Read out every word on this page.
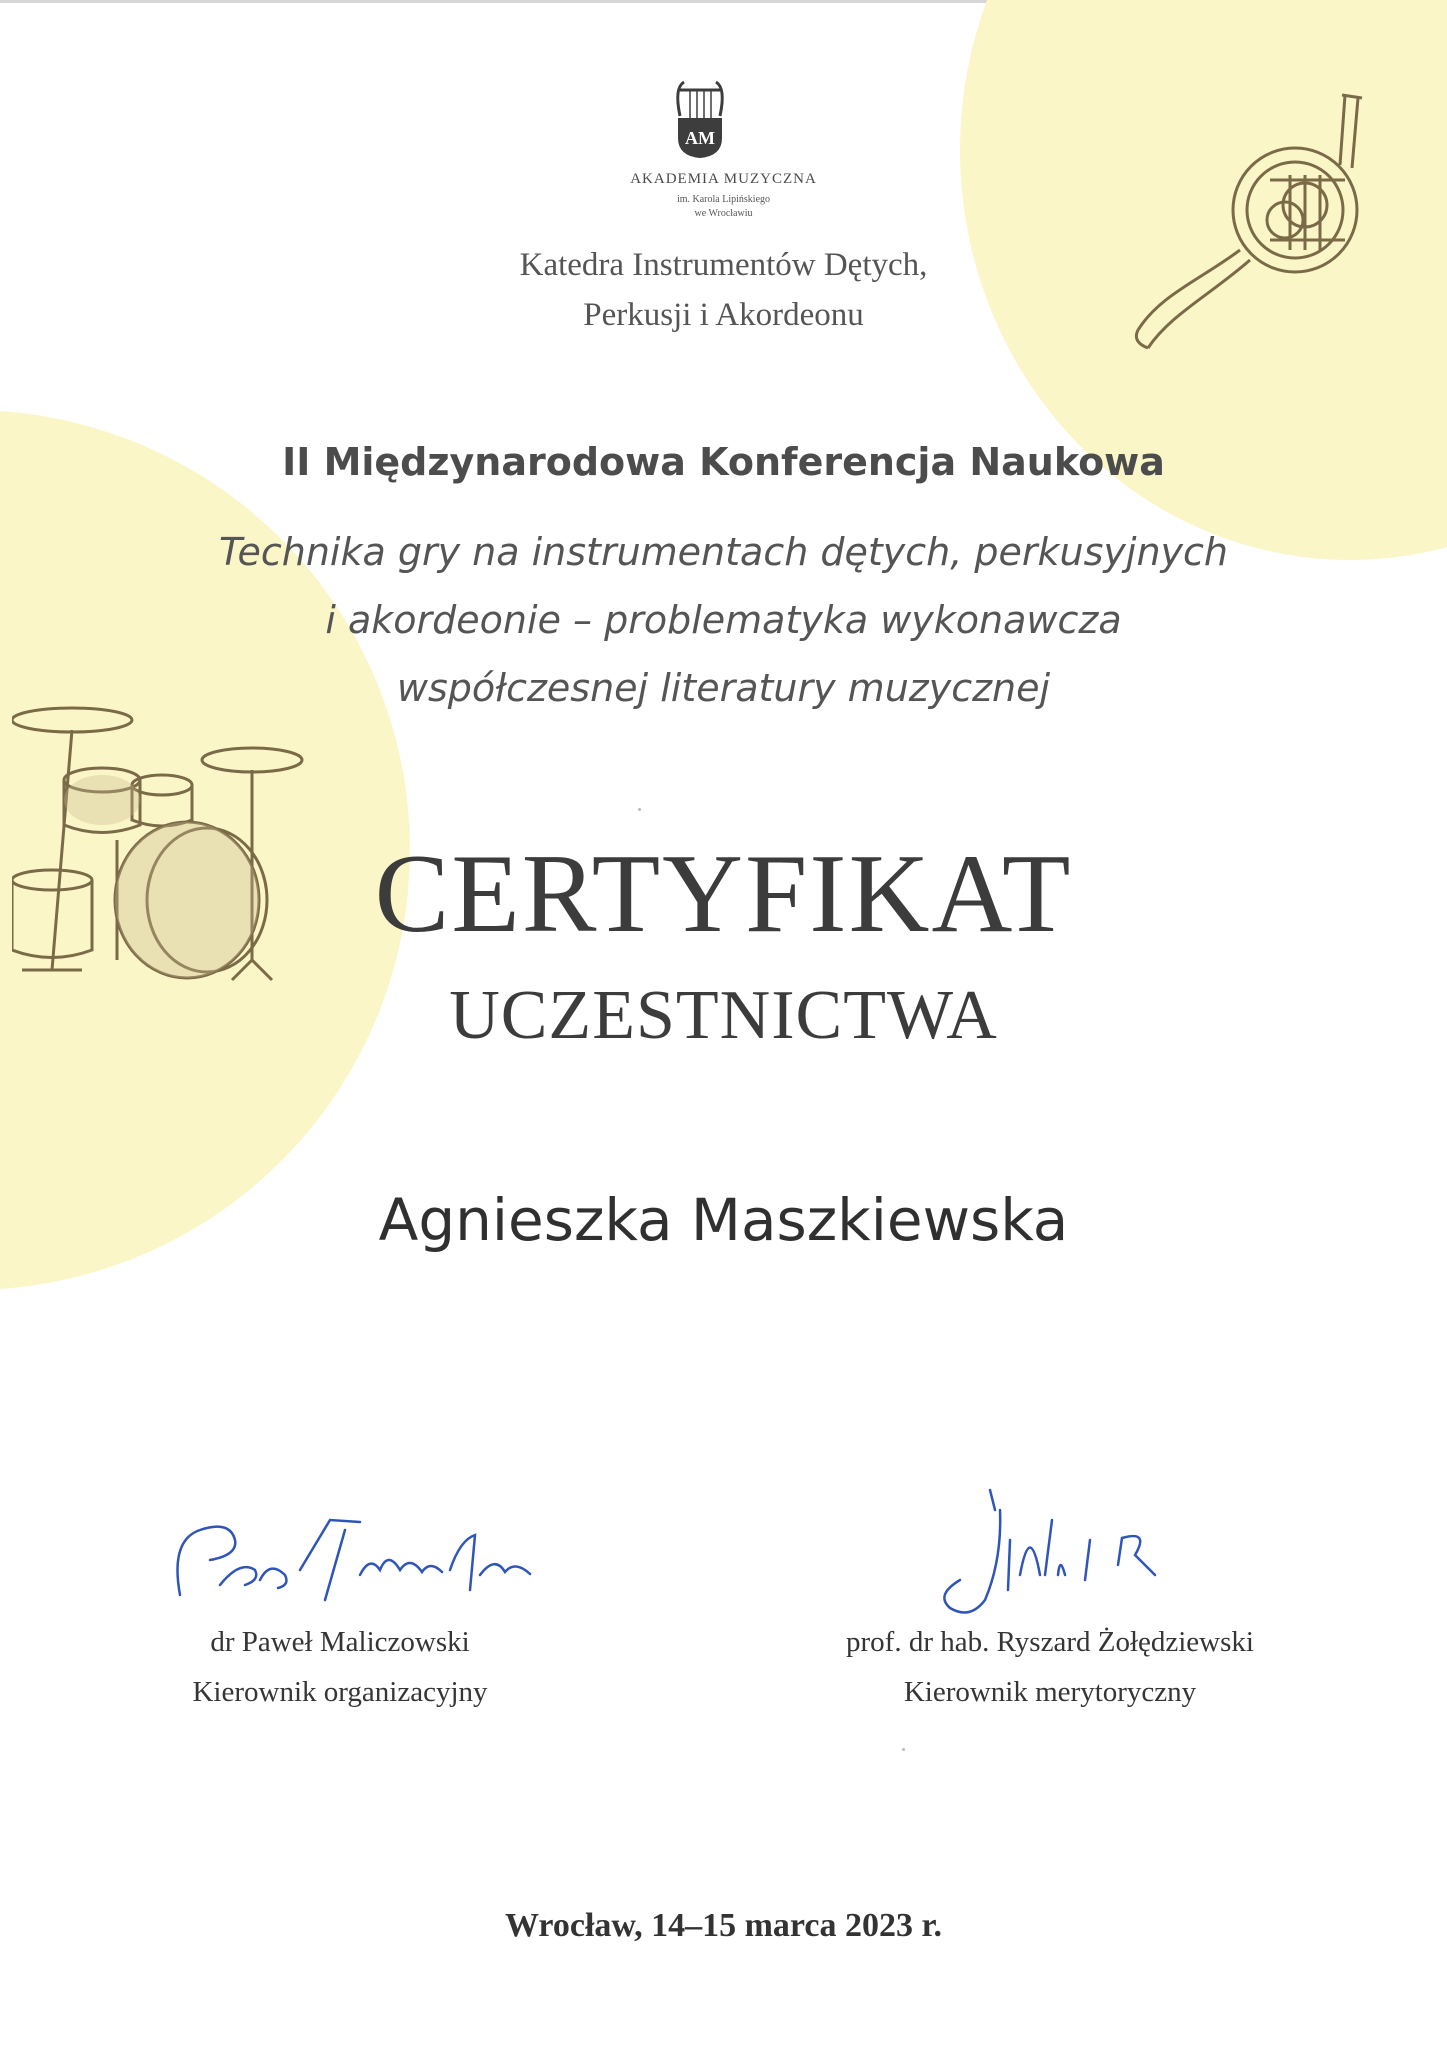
AM
AKADEMIA MUZYCZNA
im. Karola Lipińskiego
we Wrocławiu
Katedra Instrumentów Dętych,
Perkusji i Akordeonu
II Międzynarodowa Konferencja Naukowa
Technika gry na instrumentach dętych, perkusyjnych
i akordeonie – problematyka wykonawcza
współczesnej literatury muzycznej
CERTYFIKAT
UCZESTNICTWA
Agnieszka Maszkiewska
dr Paweł Maliczowski
Kierownik organizacyjny
prof. dr hab. Ryszard Żołędziewski
Kierownik merytoryczny
Wrocław, 14–15 marca 2023 r.
